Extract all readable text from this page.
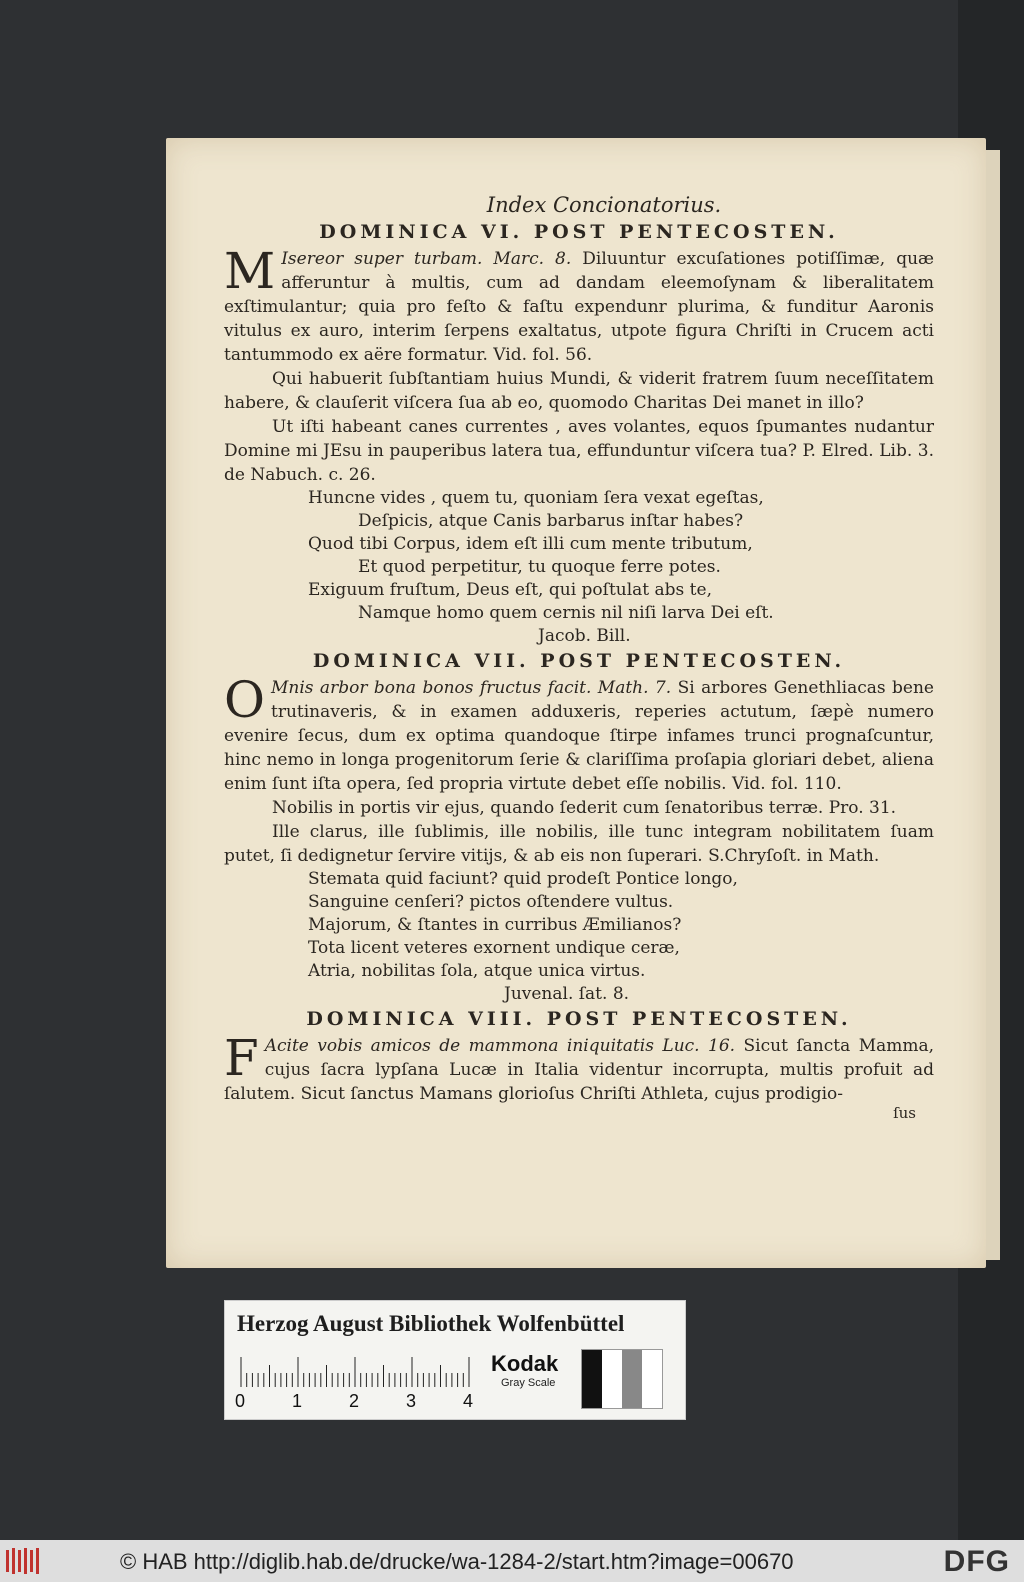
Index Concionatorius.
DOMINICA VI. POST PENTECOSTEN.

M Isereor super turbam. Marc. 8. Diluuntur excuſationes potiſſimæ, quæ afferuntur à multis, cum ad dandam eleemoſynam & liberalitatem exſtimulantur; quia pro feſto & faſtu expendunr plurima, & funditur Aaronis vitulus ex auro, interim ſerpens exaltatus, utpote figura Chriſti in Crucem acti tantummodo ex aëre formatur. Vid. fol. 56.

Qui habuerit ſubſtantiam huius Mundi, & viderit fratrem ſuum neceſſitatem habere, & clauſerit viſcera ſua ab eo, quomodo Charitas Dei manet in illo?

Ut iſti habeant canes currentes , aves volantes, equos ſpumantes nudantur Domine mi JEsu in pauperibus latera tua, effunduntur viſcera tua? P. Elred. Lib. 3. de Nabuch. c. 26.

Huncne vides , quem tu, quoniam ſera vexat egeſtas,
Deſpicis, atque Canis barbarus inſtar habes?
Quod tibi Corpus, idem eſt illi cum mente tributum,
Et quod perpetitur, tu quoque ferre potes.
Exiguum fruſtum, Deus eſt, qui poſtulat abs te,
Namque homo quem cernis nil niſi larva Dei eſt.
Jacob. Bill.
DOMINICA VII. POST PENTECOSTEN.

O Mnis arbor bona bonos fructus facit. Math. 7. Si arbores Genethliacas bene trutinaveris, & in examen adduxeris, reperies actutum, ſæpè numero evenire ſecus, dum ex optima quandoque ſtirpe infames trunci prognaſcuntur, hinc nemo in longa progenitorum ſerie & clariſſima proſapia gloriari debet, aliena enim ſunt iſta opera, ſed propria virtute debet eſſe nobilis. Vid. fol. 110.

Nobilis in portis vir ejus, quando ſederit cum ſenatoribus terræ. Pro. 31.

Ille clarus, ille ſublimis, ille nobilis, ille tunc integram nobilitatem ſuam putet, ſi dedignetur ſervire vitijs, & ab eis non ſuperari. S.Chryſoſt. in Math.

Stemata quid faciunt? quid prodeſt Pontice longo,
Sanguine cenſeri? pictos oſtendere vultus.
Majorum, & ſtantes in curribus Æmilianos?
Tota licent veteres exornent undique ceræ,
Atria, nobilitas ſola, atque unica virtus.
Juvenal. ſat. 8.
DOMINICA VIII. POST PENTECOSTEN.

F Acite vobis amicos de mammona iniquitatis Luc. 16. Sicut ſancta Mamma, cujus ſacra lypſana Lucæ in Italia videntur incorrupta, multis profuit ad ſalutem. Sicut ſanctus Mamans glorioſus Chriſti Athleta, cujus prodigio-

ſus
Herzog August Bibliothek Wolfenbüttel
0	1	2	3	4
Kodak
Gray Scale
© HAB http://diglib.hab.de/drucke/wa-1284-2/start.htm?image=00670	DFG
